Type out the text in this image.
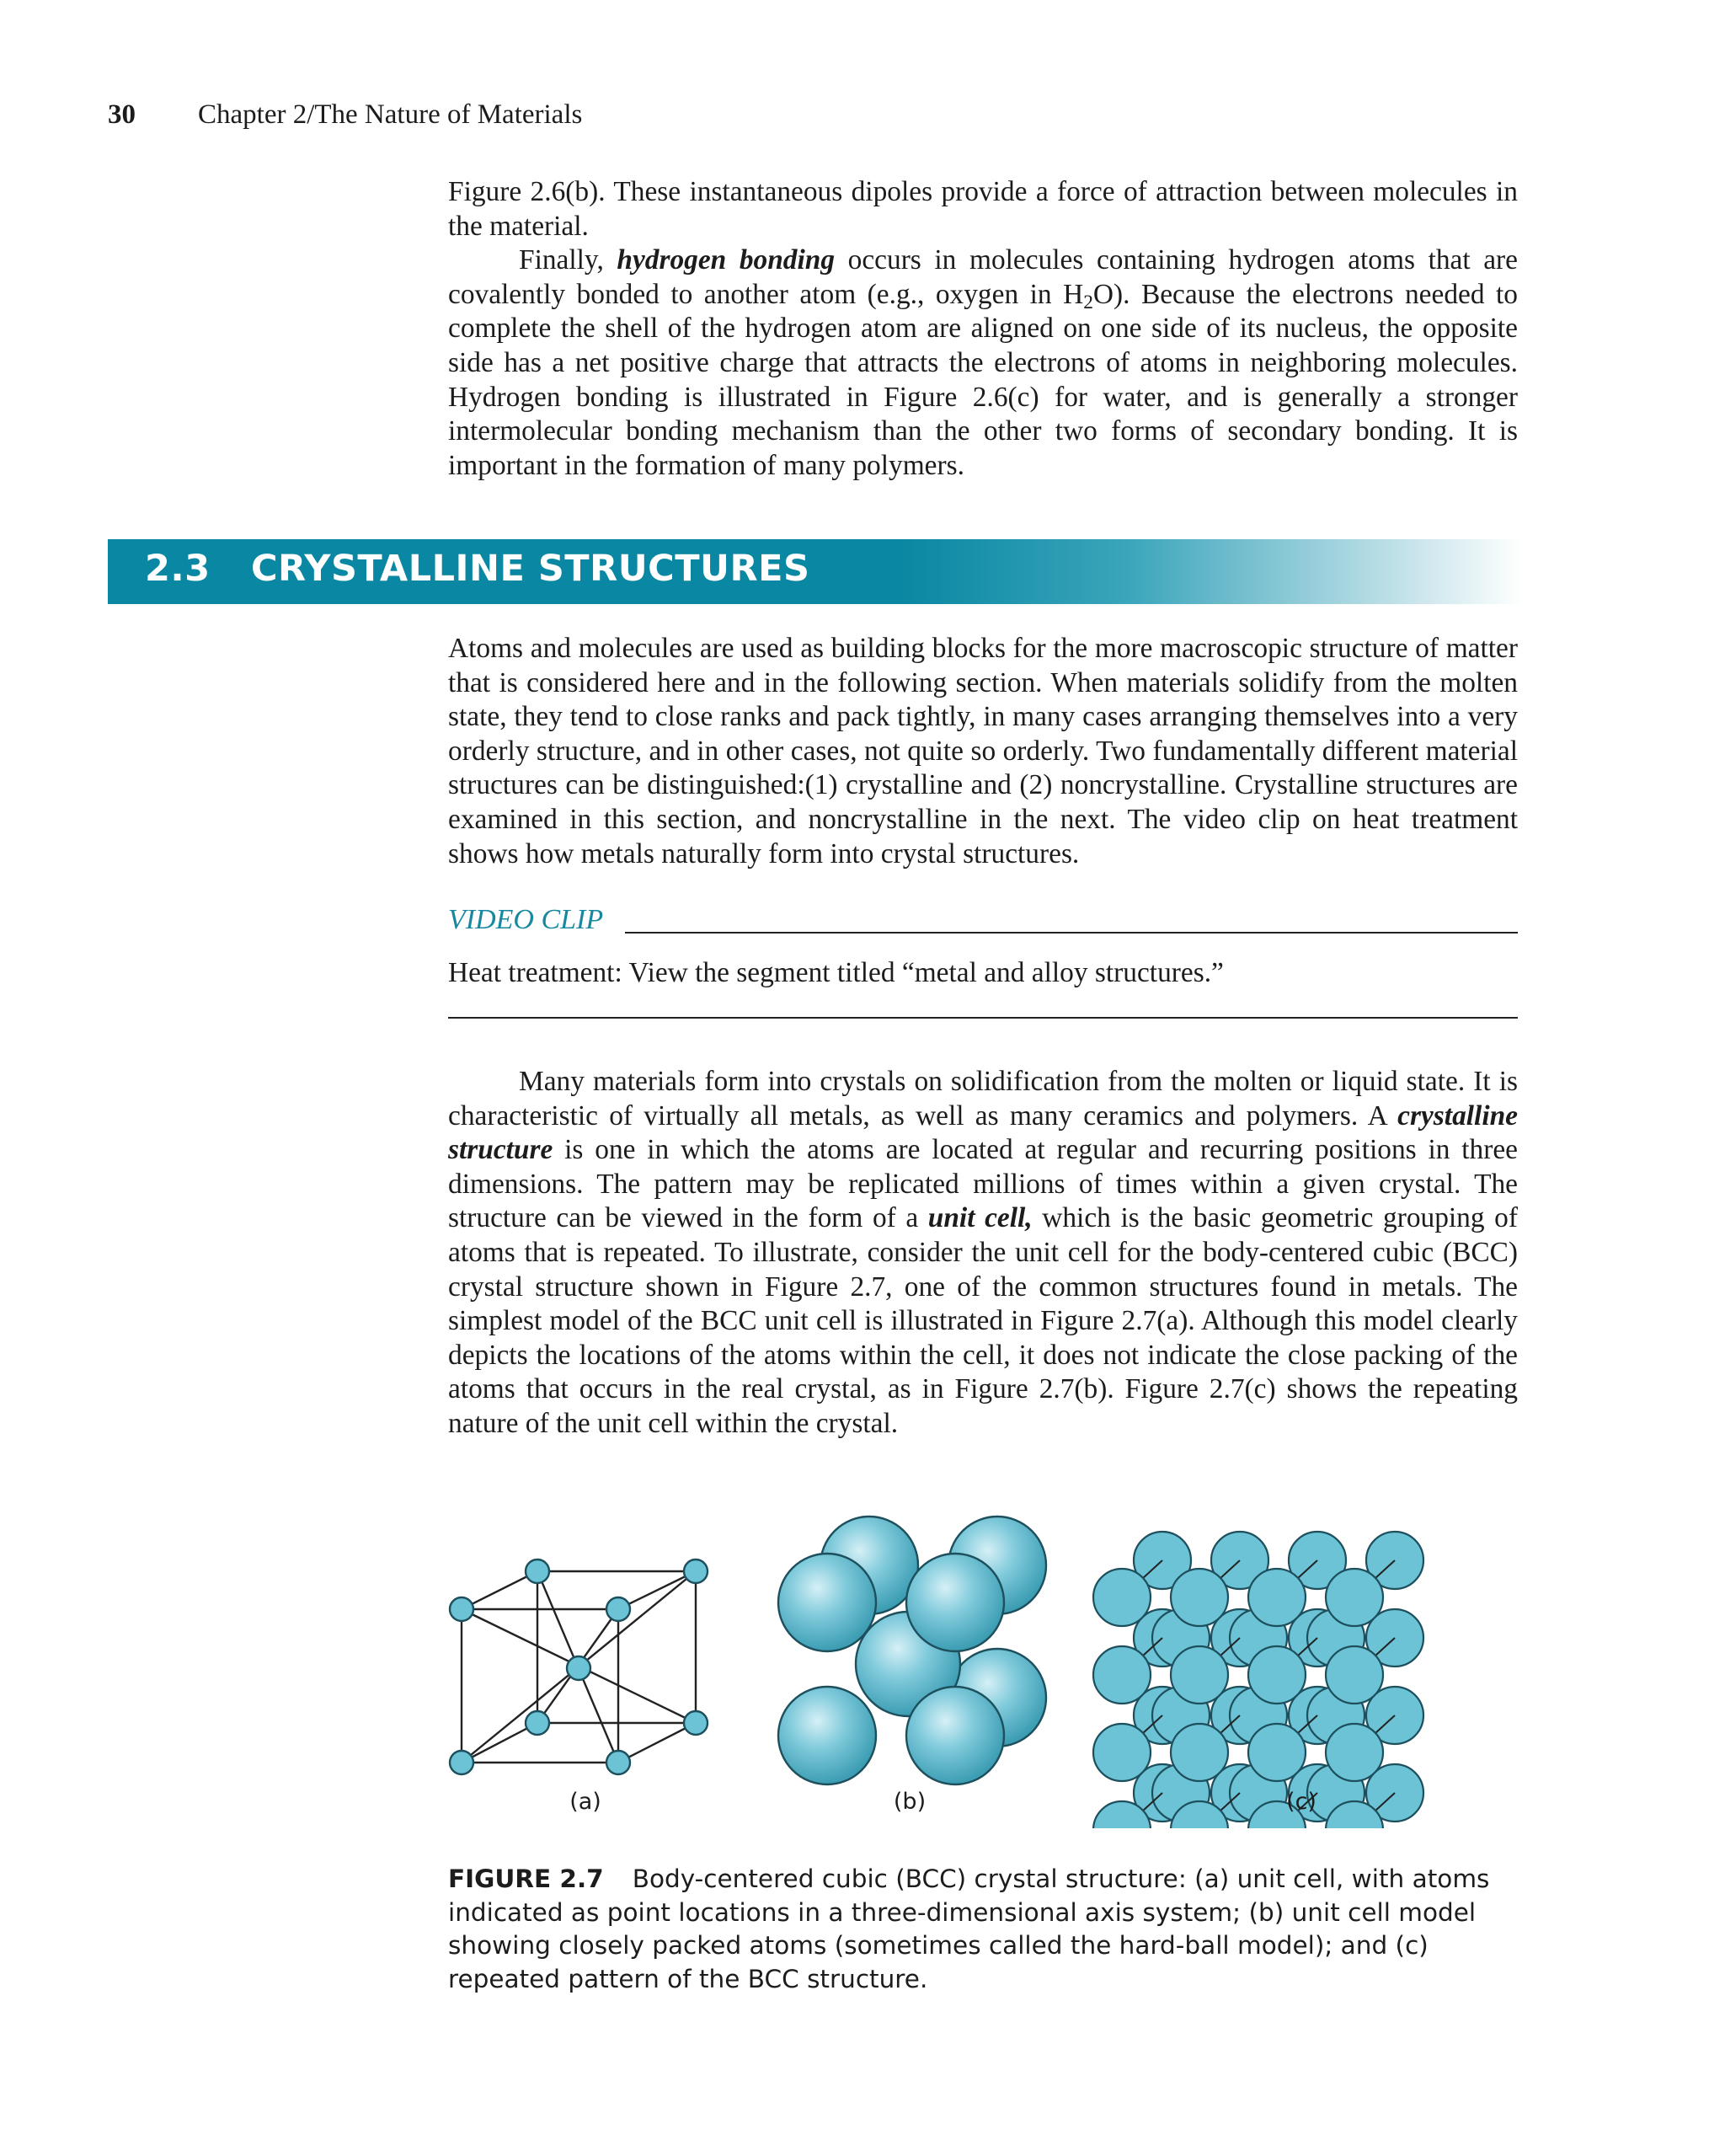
30 Chapter 2/The Nature of Materials

Figure 2.6(b). These instantaneous dipoles provide a force of attraction between molecules in the material.

Finally, hydrogen bonding occurs in molecules containing hydrogen atoms that are covalently bonded to another atom (e.g., oxygen in $H_2O$). Because the electrons needed to complete the shell of the hydrogen atom are aligned on one side of its nucleus, the opposite side has a net positive charge that attracts the electrons of atoms in neighboring molecules. Hydrogen bonding is illustrated in Figure 2.6(c) for water, and is generally a stronger intermolecular bonding mechanism than the other two forms of secondary bonding. It is important in the formation of many polymers.

2.3 CRYSTALLINE STRUCTURES

Atoms and molecules are used as building blocks for the more macroscopic structure of matter that is considered here and in the following section. When materials solidify from the molten state, they tend to close ranks and pack tightly, in many cases arranging themselves into a very orderly structure, and in other cases, not quite so orderly. Two fundamentally different material structures can be distinguished:(1) crystalline and (2) noncrystalline. Crystalline structures are examined in this section, and noncrystalline in the next. The video clip on heat treatment shows how metals naturally form into crystal structures.

VIDEO CLIP
Heat treatment: View the segment titled “metal and alloy structures.”

Many materials form into crystals on solidification from the molten or liquid state. It is characteristic of virtually all metals, as well as many ceramics and polymers. A crystalline structure is one in which the atoms are located at regular and recurring positions in three dimensions. The pattern may be replicated millions of times within a given crystal. The structure can be viewed in the form of a unit cell, which is the basic geometric grouping of atoms that is repeated. To illustrate, consider the unit cell for the body-centered cubic (BCC) crystal structure shown in Figure 2.7, one of the common structures found in metals. The simplest model of the BCC unit cell is illustrated in Figure 2.7(a). Although this model clearly depicts the locations of the atoms within the cell, it does not indicate the close packing of the atoms that occurs in the real crystal, as in Figure 2.7(b). Figure 2.7(c) shows the repeating nature of the unit cell within the crystal.

(a)	(b)	(c)
FIGURE 2.7 Body-centered cubic (BCC) crystal structure: (a) unit cell, with atoms indicated as point locations in a three-dimensional axis system; (b) unit cell model showing closely packed atoms (sometimes called the hard-ball model); and (c) repeated pattern of the BCC structure.
